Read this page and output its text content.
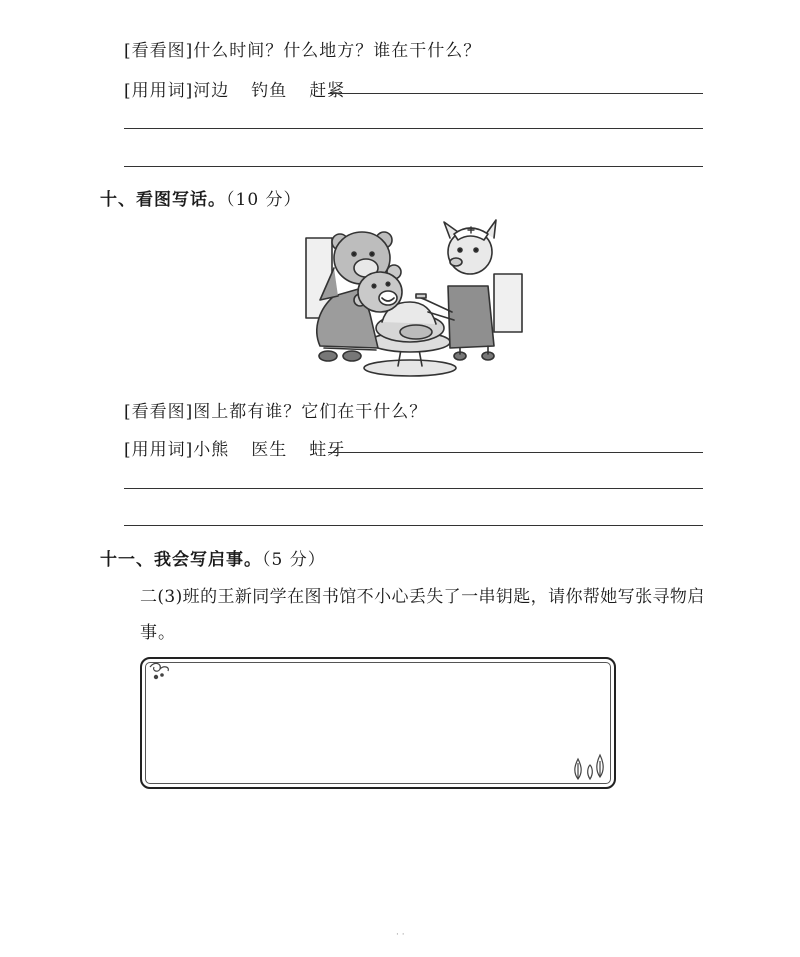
[看看图]什么时间？什么地方？谁在干什么？
[用用词]河边 钓鱼 赶紧
十、看图写话。（10 分）
[看看图]图上都有谁？它们在干什么？
[用用词]小熊 医生 蛀牙
十一、我会写启事。（5 分）
二(3)班的王新同学在图书馆不小心丢失了一串钥匙，请你帮她写张寻物启
事。
· ·
